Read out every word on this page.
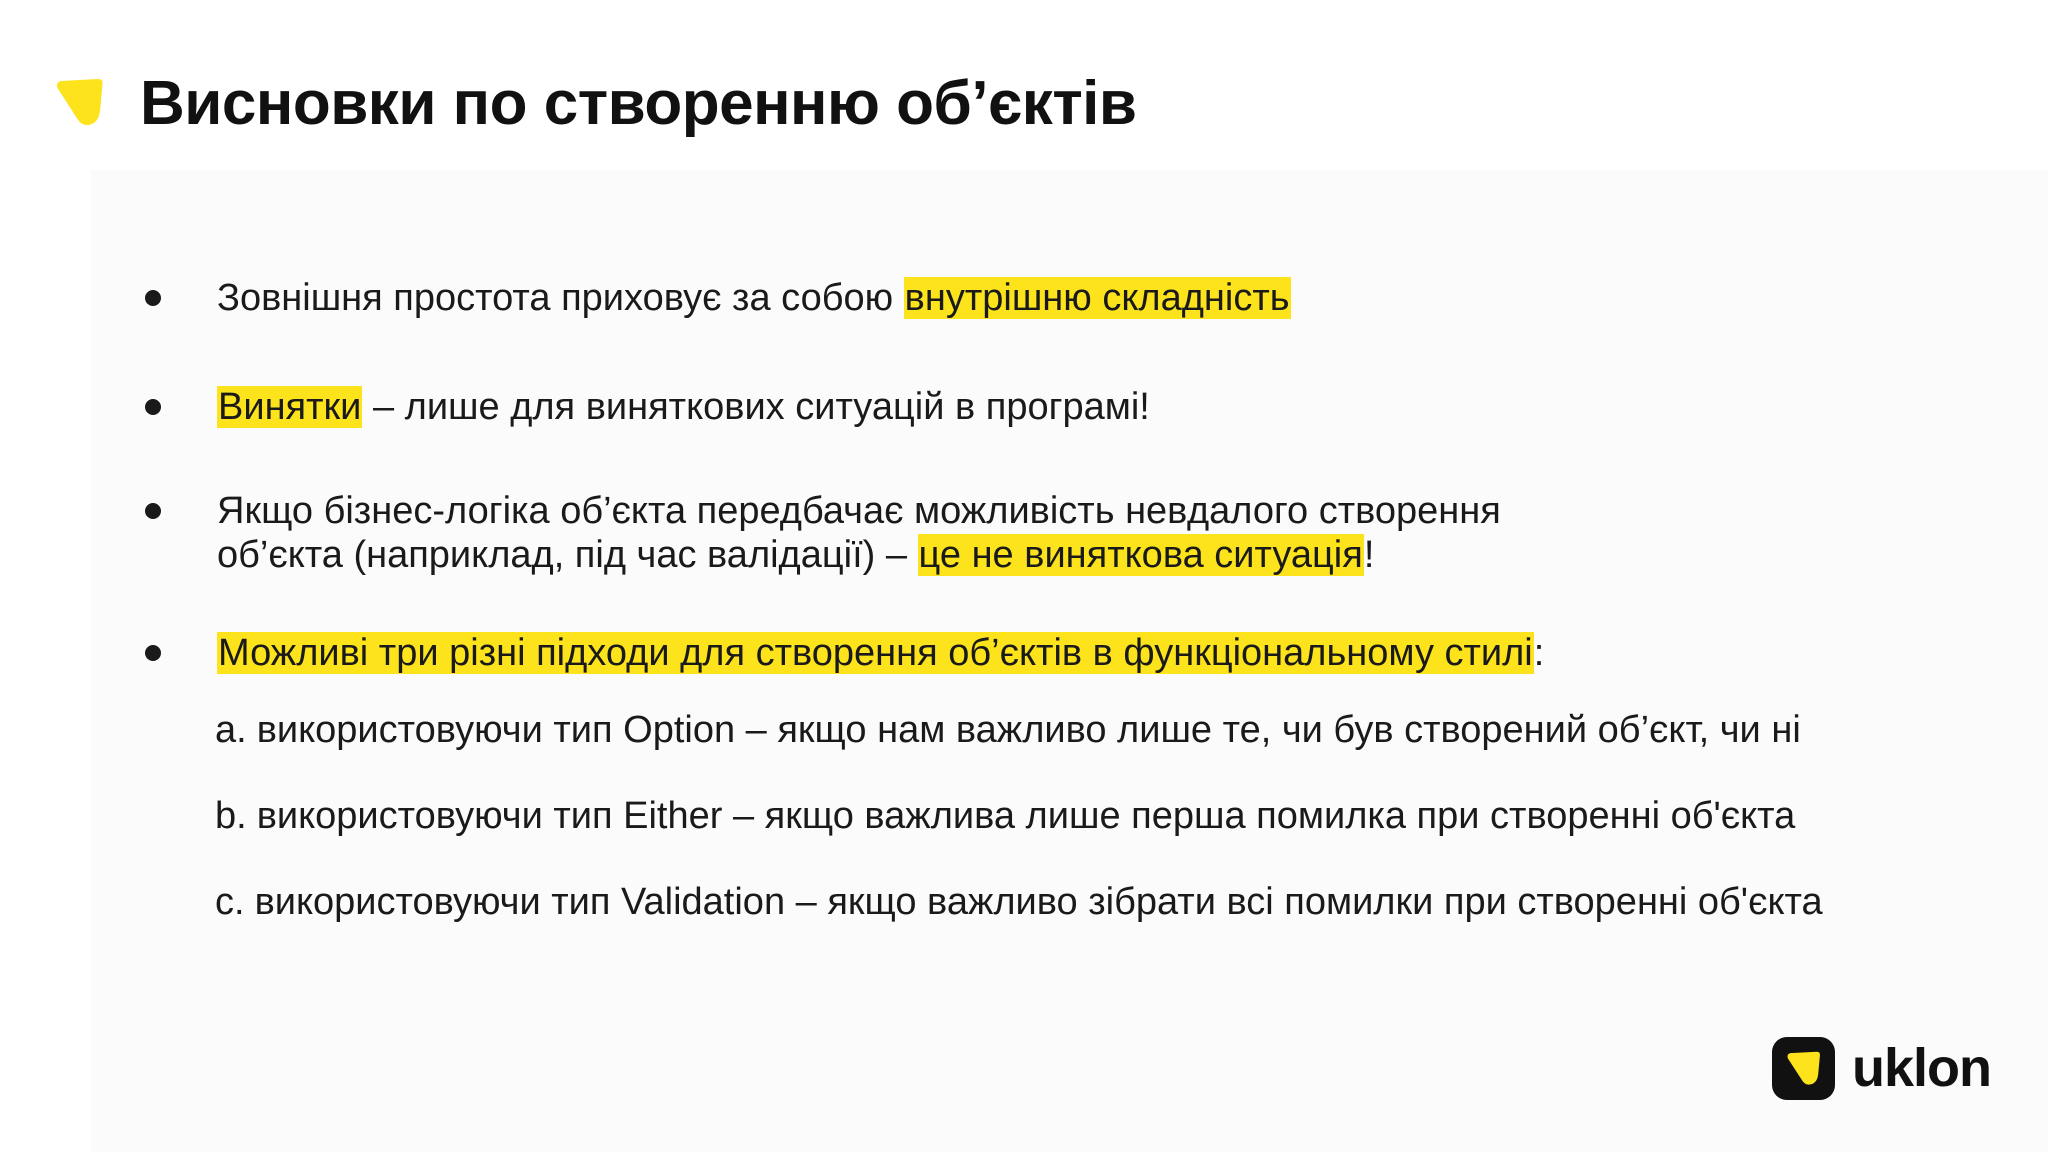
Висновки по створенню об’єктів

Зовнішня простота приховує за собою внутрішню складність

Винятки – лише для виняткових ситуацій в програмі!

Якщо бізнес-логіка об’єкта передбачає можливість невдалого створення
об’єкта (наприклад, під час валідації) – це не виняткова ситуація!

Можливі три різні підходи для створення об’єктів в функціональному стилі:

a. використовуючи тип Option – якщо нам важливо лише те, чи був створений об’єкт, чи ні

b. використовуючи тип Either – якщо важлива лише перша помилка при створенні об'єкта

c. використовуючи тип Validation – якщо важливо зібрати всі помилки при створенні об'єкта

uklon
